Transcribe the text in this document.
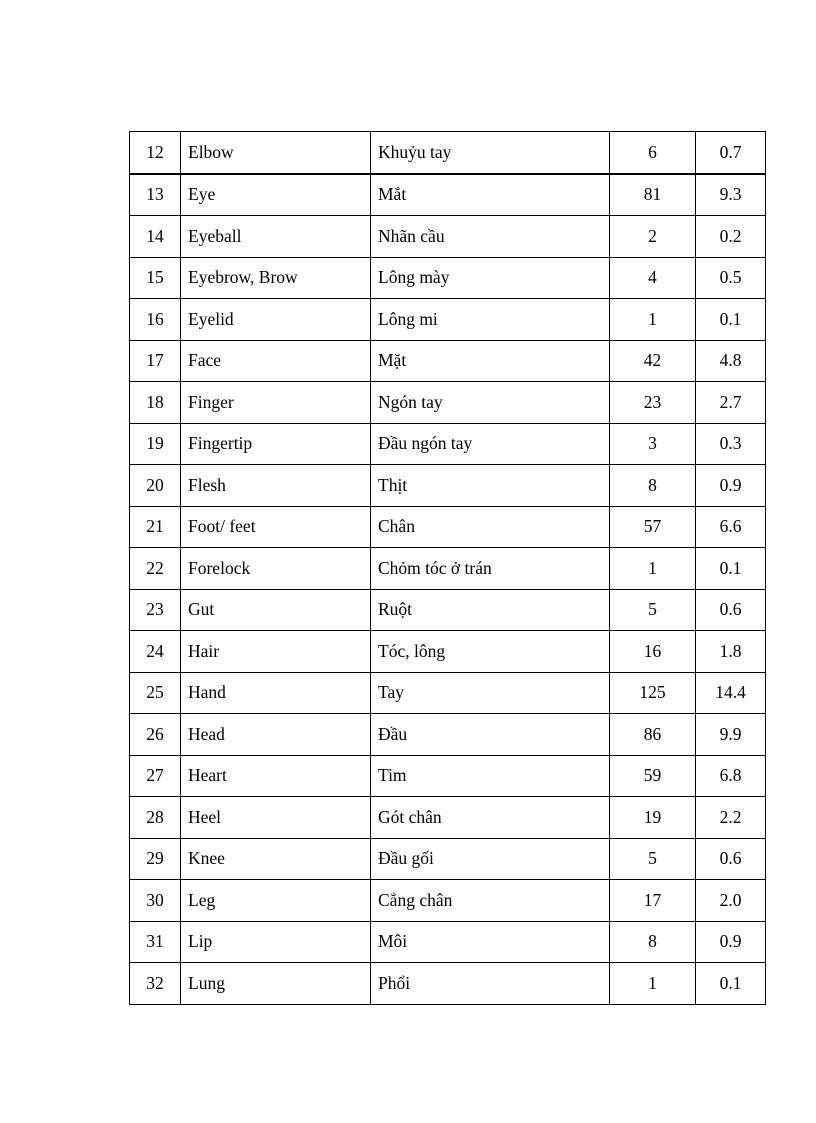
12	Elbow	Khuỷu tay	6	0.7
13	Eye	Mắt	81	9.3
14	Eyeball	Nhãn cầu	2	0.2
15	Eyebrow, Brow	Lông mày	4	0.5
16	Eyelid	Lông mi	1	0.1
17	Face	Mặt	42	4.8
18	Finger	Ngón tay	23	2.7
19	Fingertip	Đầu ngón tay	3	0.3
20	Flesh	Thịt	8	0.9
21	Foot/ feet	Chân	57	6.6
22	Forelock	Chỏm tóc ở trán	1	0.1
23	Gut	Ruột	5	0.6
24	Hair	Tóc, lông	16	1.8
25	Hand	Tay	125	14.4
26	Head	Đầu	86	9.9
27	Heart	Tim	59	6.8
28	Heel	Gót chân	19	2.2
29	Knee	Đầu gối	5	0.6
30	Leg	Cẳng chân	17	2.0
31	Lip	Môi	8	0.9
32	Lung	Phổi	1	0.1
